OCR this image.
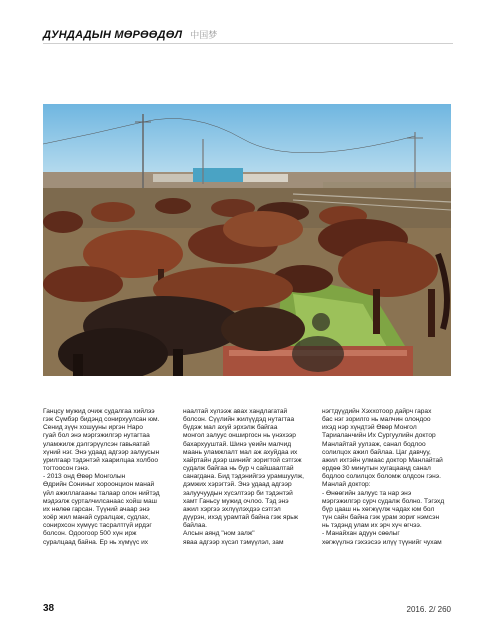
ДУНДАДЫН МӨРӨӨДӨЛ 中国梦
Ганцсу мужид очиж судалгаа хийлээ
гэж Сүмбэр бидэнд сонирхуулсан юм.
Сенид зүүн хошууны иргэн Наро
гуай бол энэ мэргэжилгэр нутагтаа
уламжилж дэлгэрүүлсэн гавьяатай
хүний нэг. Энэ удаад адгээр залуусын
урилгаар тэдэнтэй хаарилцаа холбоо
тогтоосон гэнэ.
- 2013 онд Өвөр Монголын
Өдрийн Сониныг хороонцион манай
үйл ажиллагааны талаар олон нийтэд
мэдээлж сурталчилсанаас хойш маш
их нөлөө гарсан. Түүний ачаар энэ
хоёр жил манай суралцаж, судлах,
сонирхсон хүмүүс тасралтгүй ирдэг
болсон. Одоогоор 500 хүн ирж
суралцаад байна. Ер нь хүмүүс их
наалтай хүлээж авах хандлагатай
болсон. Сүүлийн жилүүдэд нутагтаа
бүдэж мал ахуй эрхэлж байгаа
монгол залуус онширгосн нь үнэхээр
бахархууштай. Шинэ үеийн малчид
маань уламжлалт мал аж ахуйдаа их
хайртайн дээр шинийг зоригтой сэтгэж
судалж байгаа нь бүр ч сайшаалтай
санагдана. Бид тэдэнийгээ урамшуулж,
дэмжих хэрэгтэй. Энэ удаад адгээр
залуучуудын хүсэлтээр би тэдэнтэй
хамт Ганьсу мужид очлоо. Тэд энэ
ажил хэргээ эхлүүлэхдээ сэтгэл
дүүрэн, ихэд урамтай байна гэж ярьж
байлаа.
Алсын аянд "ном залж"
яваа адгээр хүсэл тэмүүлэл, зам
нэгтдүүдийн Хэххотоор дайрч гарах
бас нэг зорилго нь малчин олондоо
ихэд нэр хүндтэй Өвөр Монгол
Тариаланчийн Их Сургуулийн доктор
Манлайтай уулзаж, санал бодлоо
солилцох ажил байлаа. Цаг давчуу,
ажил ихтэйн улмаас доктор Манлайтай
ердөө 30 минутын хугацаанд санал
бодлоо солилцох боломж олдсон гэнэ.
Манлай доктор:
- Өнөөгийн залуус та нар энэ
мэргэжилгэр сурч судалж болно. Тэгэхд
бүр цааш нь хөгжүүлж чадах юм бол
түн сайн байна гэж урам зориг нэмсэн
нь тэдэнд улам их эрч хүч өгчээ.
- Манайхан адуун сөөлыг
хөгжүүлнэ гэхээсээ илүү түүнийг чухам
38	2016. 2/ 260
